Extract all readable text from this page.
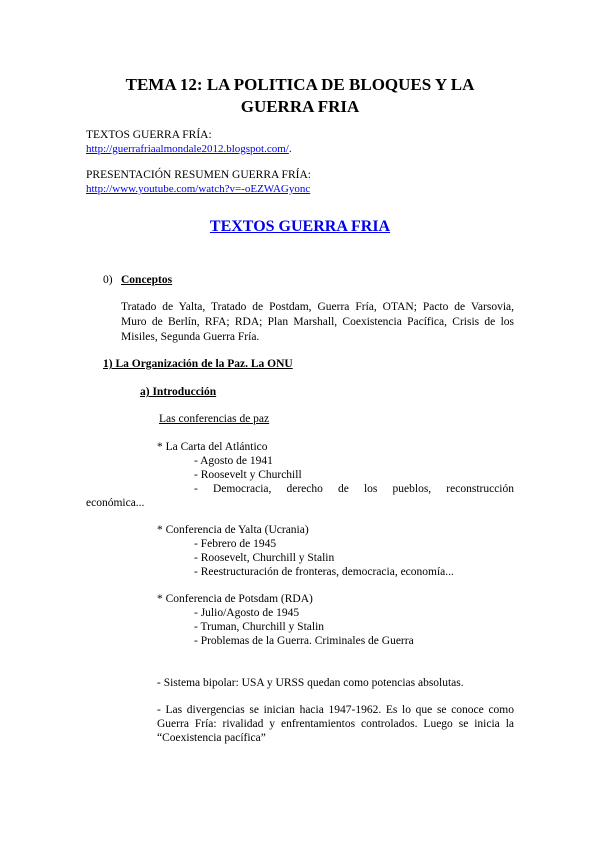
TEMA 12: LA POLITICA DE BLOQUES Y LA
GUERRA FRIA
TEXTOS GUERRA FRÍA:
http://guerrafriaalmondale2012.blogspot.com/.
PRESENTACIÓN RESUMEN GUERRA FRÍA:
http://www.youtube.com/watch?v=-oEZWAGyonc
TEXTOS GUERRA FRIA
0) Conceptos
Tratado de Yalta, Tratado de Postdam, Guerra Fría, OTAN; Pacto de Varsovia,
Muro de Berlín, RFA; RDA; Plan Marshall, Coexistencia Pacífica, Crisis de los
Misiles, Segunda Guerra Fría.
1) La Organización de la Paz. La ONU
a) Introducción
Las conferencias de paz
* La Carta del Atlántico
- Agosto de 1941
- Roosevelt y Churchill
- Democracia, derecho de los pueblos, reconstrucción
económica...
* Conferencia de Yalta (Ucrania)
- Febrero de 1945
- Roosevelt, Churchill y Stalin
- Reestructuración de fronteras, democracia, economía...
* Conferencia de Potsdam (RDA)
- Julio/Agosto de 1945
- Truman, Churchill y Stalin
- Problemas de la Guerra. Criminales de Guerra
- Sistema bipolar: USA y URSS quedan como potencias absolutas.
- Las divergencias se inician hacia 1947-1962. Es lo que se conoce como
Guerra Fría: rivalidad y enfrentamientos controlados. Luego se inicia la
“Coexistencia pacífica”
